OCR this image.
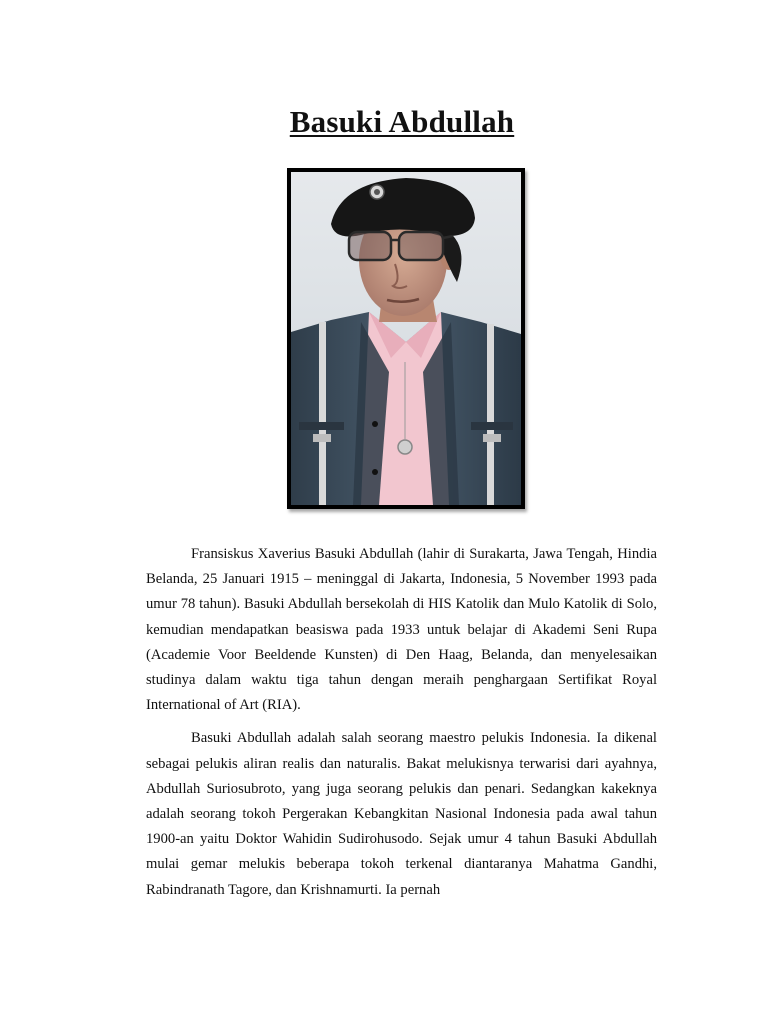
Basuki Abdullah

Fransiskus Xaverius Basuki Abdullah (lahir di Surakarta, Jawa Tengah, Hindia Belanda, 25 Januari 1915 – meninggal di Jakarta, Indonesia, 5 November 1993 pada umur 78 tahun). Basuki Abdullah bersekolah di HIS Katolik dan Mulo Katolik di Solo, kemudian mendapatkan beasiswa pada 1933 untuk belajar di Akademi Seni Rupa (Academie Voor Beeldende Kunsten) di Den Haag, Belanda, dan menyelesaikan studinya dalam waktu tiga tahun dengan meraih penghargaan Sertifikat Royal International of Art (RIA).

Basuki Abdullah adalah salah seorang maestro pelukis Indonesia. Ia dikenal sebagai pelukis aliran realis dan naturalis. Bakat melukisnya terwarisi dari ayahnya, Abdullah Suriosubroto, yang juga seorang pelukis dan penari. Sedangkan kakeknya adalah seorang tokoh Pergerakan Kebangkitan Nasional Indonesia pada awal tahun 1900-an yaitu Doktor Wahidin Sudirohusodo. Sejak umur 4 tahun Basuki Abdullah mulai gemar melukis beberapa tokoh terkenal diantaranya Mahatma Gandhi, Rabindranath Tagore, dan Krishnamurti. Ia pernah
